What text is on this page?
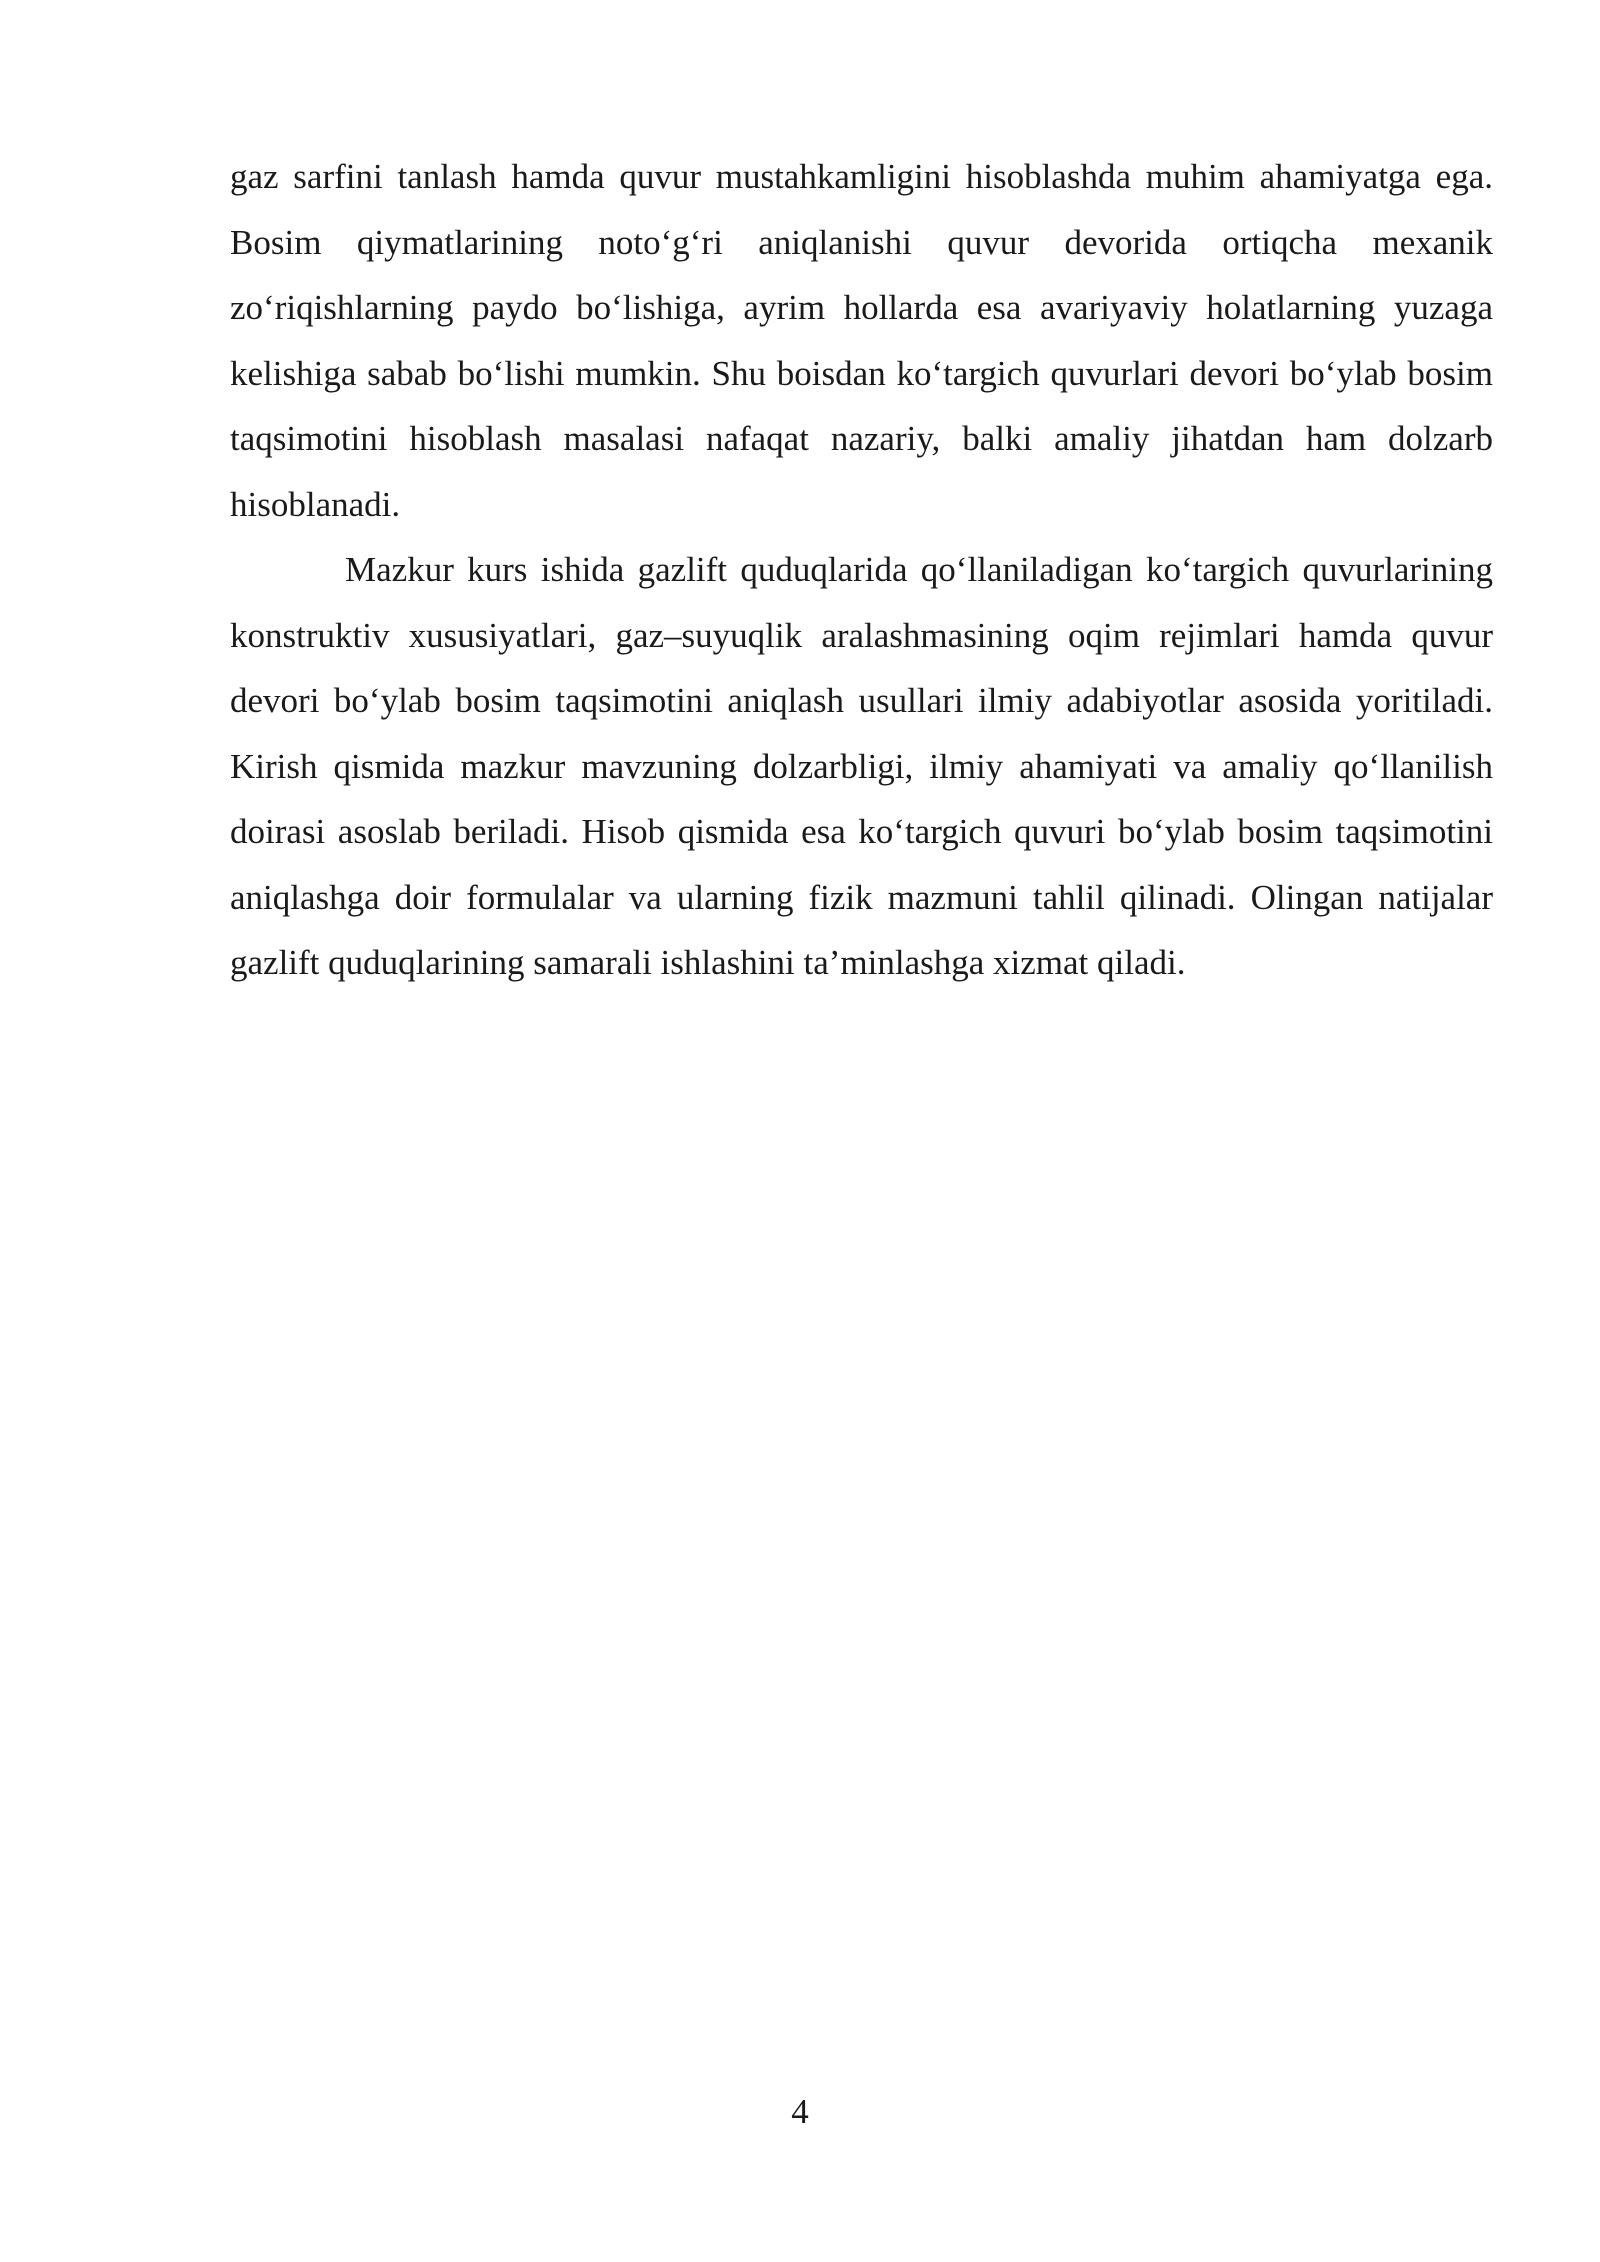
gaz sarfini tanlash hamda quvur mustahkamligini hisoblashda muhim ahamiyatga ega. Bosim qiymatlarining noto‘g‘ri aniqlanishi quvur devorida ortiqcha mexanik zo‘riqishlarning paydo bo‘lishiga, ayrim hollarda esa avariyaviy holatlarning yuzaga kelishiga sabab bo‘lishi mumkin. Shu boisdan ko‘targich quvurlari devori bo‘ylab bosim taqsimotini hisoblash masalasi nafaqat nazariy, balki amaliy jihatdan ham dolzarb hisoblanadi.

Mazkur kurs ishida gazlift quduqlarida qo‘llaniladigan ko‘targich quvurlarining konstruktiv xususiyatlari, gaz–suyuqlik aralashmasining oqim rejimlari hamda quvur devori bo‘ylab bosim taqsimotini aniqlash usullari ilmiy adabiyotlar asosida yoritiladi. Kirish qismida mazkur mavzuning dolzarbligi, ilmiy ahamiyati va amaliy qo‘llanilish doirasi asoslab beriladi. Hisob qismida esa ko‘targich quvuri bo‘ylab bosim taqsimotini aniqlashga doir formulalar va ularning fizik mazmuni tahlil qilinadi. Olingan natijalar gazlift quduqlarining samarali ishlashini ta’minlashga xizmat qiladi.

4
